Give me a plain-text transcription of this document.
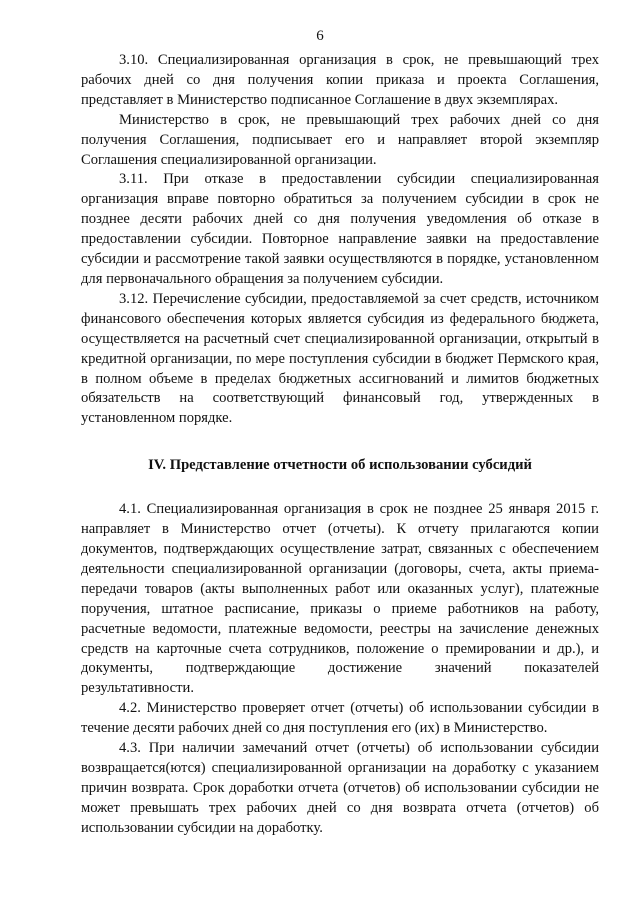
6

3.10. Специализированная организация в срок, не превышающий трех рабочих дней со дня получения копии приказа и проекта Соглашения, представляет в Министерство подписанное Соглашение в двух экземплярах.

Министерство в срок, не превышающий трех рабочих дней со дня получения Соглашения, подписывает его и направляет второй экземпляр Соглашения специализированной организации.

3.11. При отказе в предоставлении субсидии специализированная организация вправе повторно обратиться за получением субсидии в срок не позднее десяти рабочих дней со дня получения уведомления об отказе в предоставлении субсидии. Повторное направление заявки на предоставление субсидии и рассмотрение такой заявки осуществляются в порядке, установленном для первоначального обращения за получением субсидии.

3.12. Перечисление субсидии, предоставляемой за счет средств, источником финансового обеспечения которых является субсидия из федерального бюджета, осуществляется на расчетный счет специализированной организации, открытый в кредитной организации, по мере поступления субсидии в бюджет Пермского края, в полном объеме в пределах бюджетных ассигнований и лимитов бюджетных обязательств на соответствующий финансовый год, утвержденных в установленном порядке.

IV. Представление отчетности об использовании субсидий

4.1. Специализированная организация в срок не позднее 25 января 2015 г. направляет в Министерство отчет (отчеты). К отчету прилагаются копии документов, подтверждающих осуществление затрат, связанных с обеспечением деятельности специализированной организации (договоры, счета, акты приема-передачи товаров (акты выполненных работ или оказанных услуг), платежные поручения, штатное расписание, приказы о приеме работников на работу, расчетные ведомости, платежные ведомости, реестры на зачисление денежных средств на карточные счета сотрудников, положение о премировании и др.), и документы, подтверждающие достижение значений показателей результативности.

4.2. Министерство проверяет отчет (отчеты) об использовании субсидии в течение десяти рабочих дней со дня поступления его (их) в Министерство.

4.3. При наличии замечаний отчет (отчеты) об использовании субсидии возвращается(ются) специализированной организации на доработку с указанием причин возврата. Срок доработки отчета (отчетов) об использовании субсидии не может превышать трех рабочих дней со дня возврата отчета (отчетов) об использовании субсидии на доработку.
